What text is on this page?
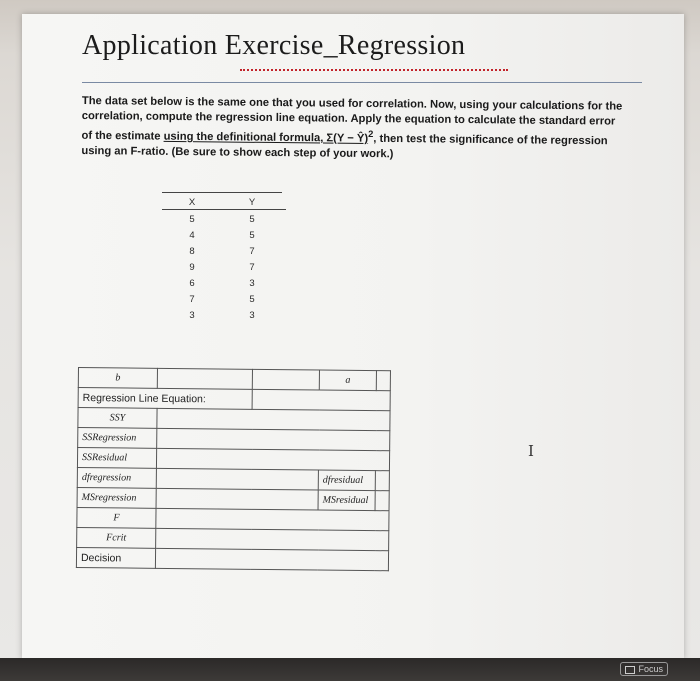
Application Exercise_Regression
The data set below is the same one that you used for correlation. Now, using your calculations for the correlation, compute the regression line equation. Apply the equation to calculate the standard error of the estimate using the definitional formula, Σ(Y − Ŷ)$^2$, then test the significance of the regression using an F-ratio. (Be sure to show each step of your work.)
X	Y
5	5
4	5
8	7
9	7
6	3
7	5
3	3
b			a	
Regression Line Equation:				
SSY				
SSRegression				
SSResidual				
dfregression			dfresidual	
MSregression			MSresidual	
F				
Fcrit				
Decision				
I
Focus
